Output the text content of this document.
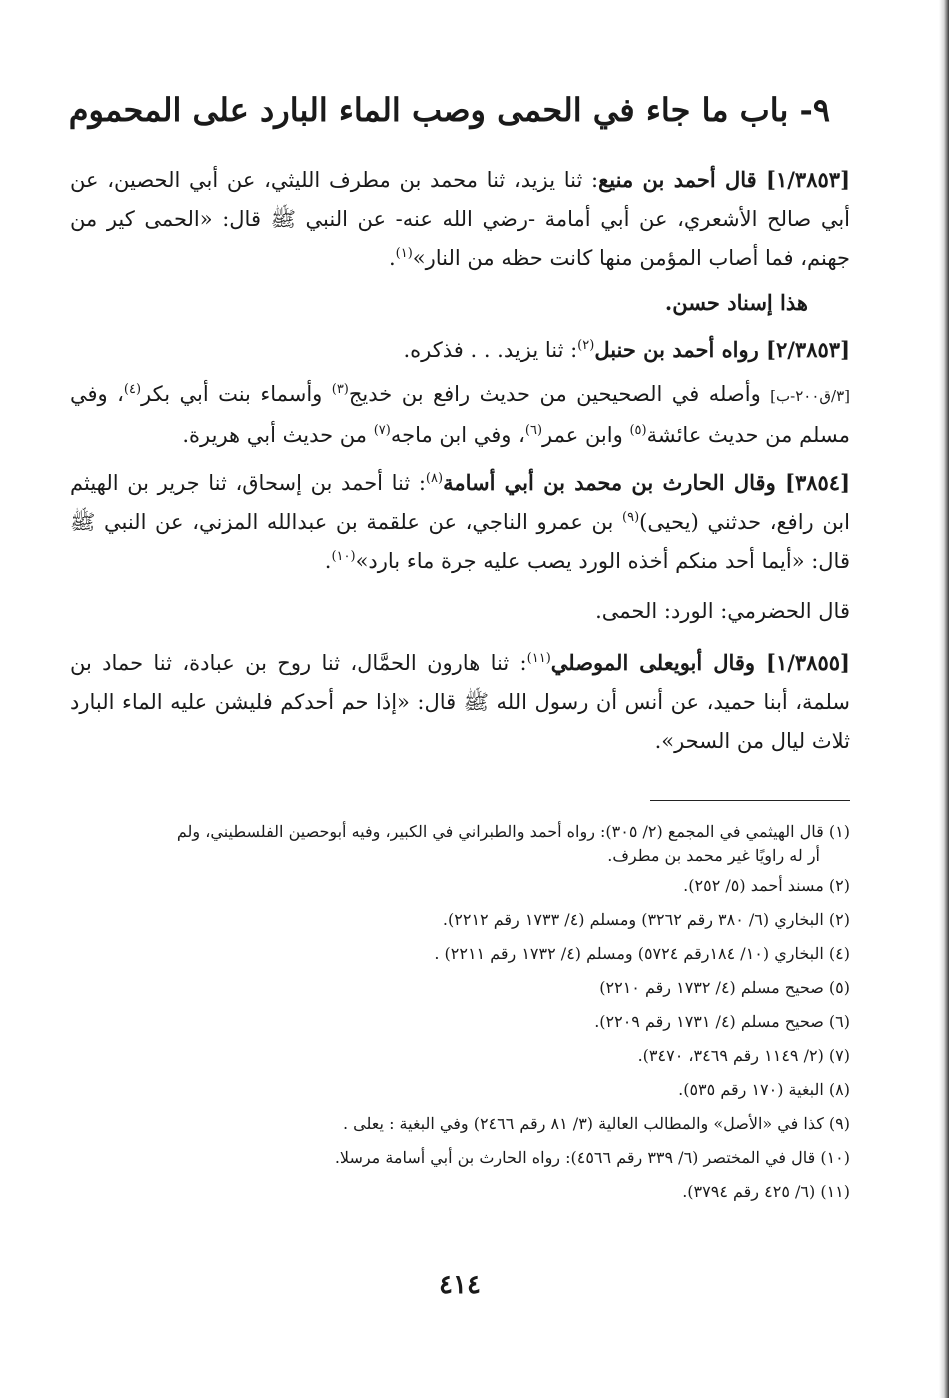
٩- باب ما جاء في الحمى وصب الماء البارد على المحموم
[١/٣٨٥٣] قال أحمد بن منيع: ثنا يزيد، ثنا محمد بن مطرف الليثي، عن أبي الحصين، عن أبي صالح الأشعري، عن أبي أمامة -رضي الله عنه- عن النبي ﷺ قال: «الحمى كير من جهنم، فما أصاب المؤمن منها كانت حظه من النار»$^{(١)}$.
هذا إسناد حسن.
[٢/٣٨٥٣] رواه أحمد بن حنبل$^{(٢)}$: ثنا يزيد. . . فذكره.
[٣/ق٢٠٠-ب] وأصله في الصحيحين من حديث رافع بن خديج$^{(٣)}$ وأسماء بنت أبي بكر$^{(٤)}$، وفي مسلم من حديث عائشة$^{(٥)}$ وابن عمر$^{(٦)}$، وفي ابن ماجه$^{(٧)}$ من حديث أبي هريرة.
[٣٨٥٤] وقال الحارث بن محمد بن أبي أسامة$^{(٨)}$: ثنا أحمد بن إسحاق، ثنا جرير بن الهيثم ابن رافع، حدثني (يحيى)$^{(٩)}$ بن عمرو الناجي، عن علقمة بن عبدالله المزني، عن النبي ﷺ قال: «أيما أحد منكم أخذه الورد يصب عليه جرة ماء بارد»$^{(١٠)}$.
قال الحضرمي: الورد: الحمى.
[١/٣٨٥٥] وقال أبويعلى الموصلي$^{(١١)}$: ثنا هارون الحمَّال، ثنا روح بن عبادة، ثنا حماد بن سلمة، أبنا حميد، عن أنس أن رسول الله ﷺ قال: «إذا حم أحدكم فليشن عليه الماء البارد ثلاث ليال من السحر».
(١) قال الهيثمي في المجمع (٢/ ٣٠٥): رواه أحمد والطبراني في الكبير، وفيه أبوحصين الفلسطيني، ولم
أر له راويًا غير محمد بن مطرف.
(٢) مسند أحمد (٥/ ٢٥٢).
(٢) البخاري (٦/ ٣٨٠ رقم ٣٢٦٢) ومسلم (٤/ ١٧٣٣ رقم ٢٢١٢).
(٤) البخاري (١٠/ ١٨٤رقم ٥٧٢٤) ومسلم (٤/ ١٧٣٢ رقم ٢٢١١) .
(٥) صحيح مسلم (٤/ ١٧٣٢ رقم ٢٢١٠)
(٦) صحيح مسلم (٤/ ١٧٣١ رقم ٢٢٠٩).
(٧) (٢/ ١١٤٩ رقم ٣٤٦٩، ٣٤٧٠).
(٨) البغية (١٧٠ رقم ٥٣٥).
(٩) كذا في «الأصل» والمطالب العالية (٣/ ٨١ رقم ٢٤٦٦) وفي البغية : يعلى .
(١٠) قال في المختصر (٦/ ٣٣٩ رقم ٤٥٦٦): رواه الحارث بن أبي أسامة مرسلا.
(١١) (٦/ ٤٢٥ رقم ٣٧٩٤).
٤١٤
